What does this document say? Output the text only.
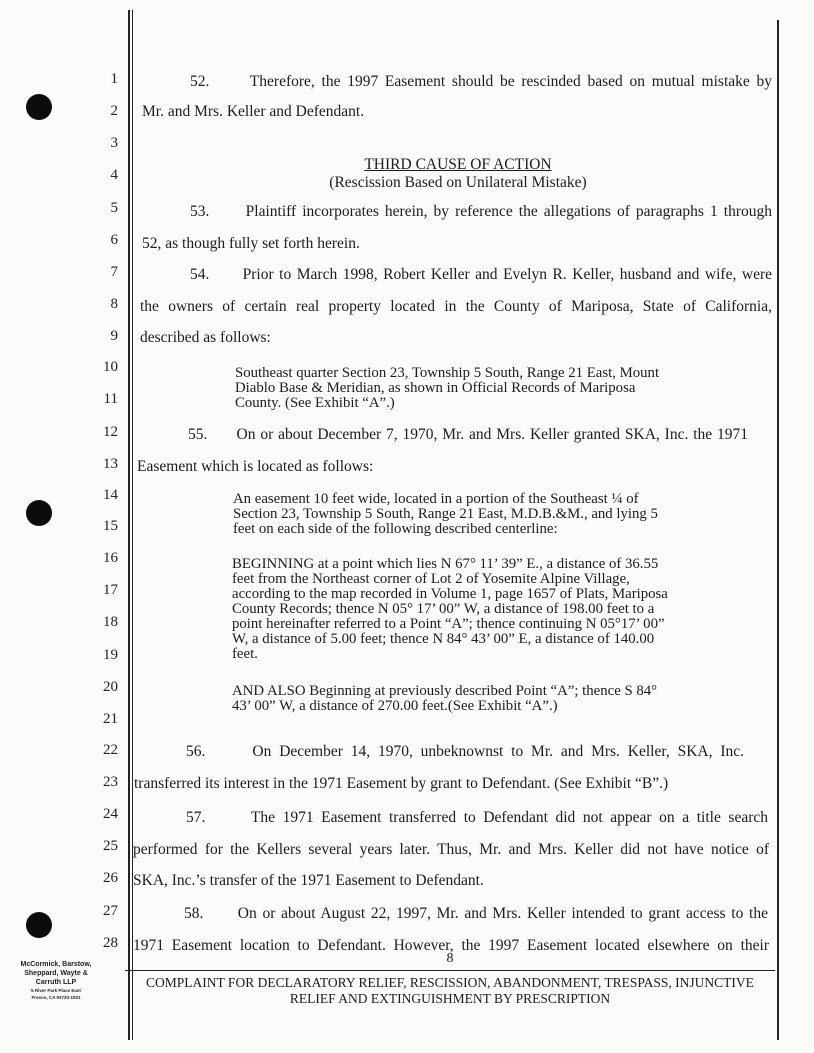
1
2
3
4
5
6
7
8
9
10
11
12
13
14
15
16
17
18
19
20
21
22
23
24
25
26
27
28
52.      Therefore, the 1997 Easement should be rescinded based on mutual mistake by
Mr. and Mrs. Keller and Defendant.
THIRD CAUSE OF ACTION
(Rescission Based on Unilateral Mistake)
53.      Plaintiff incorporates herein, by reference the allegations of paragraphs 1 through
52, as though fully set forth herein.
54.      Prior to March 1998, Robert Keller and Evelyn R. Keller, husband and wife, were
the owners of certain real property located in the County of Mariposa, State of California,
described as follows:
Southeast quarter Section 23, Township 5 South, Range 21 East, Mount Diablo Base & Meridian, as shown in Official Records of Mariposa County. (See Exhibit “A”.)
55.      On or about December 7, 1970, Mr. and Mrs. Keller granted SKA, Inc. the 1971
Easement which is located as follows:
An easement 10 feet wide, located in a portion of the Southeast ¼ of Section 23, Township 5 South, Range 21 East, M.D.B.&M., and lying 5 feet on each side of the following described centerline:
BEGINNING at a point which lies N 67° 11’ 39” E., a distance of 36.55 feet from the Northeast corner of Lot 2 of Yosemite Alpine Village, according to the map recorded in Volume 1, page 1657 of Plats, Mariposa County Records; thence N 05° 17’ 00” W, a distance of 198.00 feet to a point hereinafter referred to a Point “A”; thence continuing N 05°17’ 00” W, a distance of 5.00 feet; thence N 84° 43’ 00” E, a distance of 140.00 feet.
AND ALSO Beginning at previously described Point “A”; thence S 84° 43’ 00” W, a distance of 270.00 feet.(See Exhibit “A”.)
56.      On December 14, 1970, unbeknownst to Mr. and Mrs. Keller, SKA, Inc.
transferred its interest in the 1971 Easement by grant to Defendant. (See Exhibit “B”.)
57.      The 1971 Easement transferred to Defendant did not appear on a title search
performed for the Kellers several years later. Thus, Mr. and Mrs. Keller did not have notice of
SKA, Inc.’s transfer of the 1971 Easement to Defendant.
58.      On or about August 22, 1997, Mr. and Mrs. Keller intended to grant access to the
1971 Easement location to Defendant. However, the 1997 Easement located elsewhere on their
8
McCormick, Barstow,
Sheppard, Wayte &
Carruth LLP
5 River Park Place East
Fresno, CA 93720-1501
COMPLAINT FOR DECLARATORY RELIEF, RESCISSION, ABANDONMENT, TRESPASS, INJUNCTIVE
RELIEF AND EXTINGUISHMENT BY PRESCRIPTION
